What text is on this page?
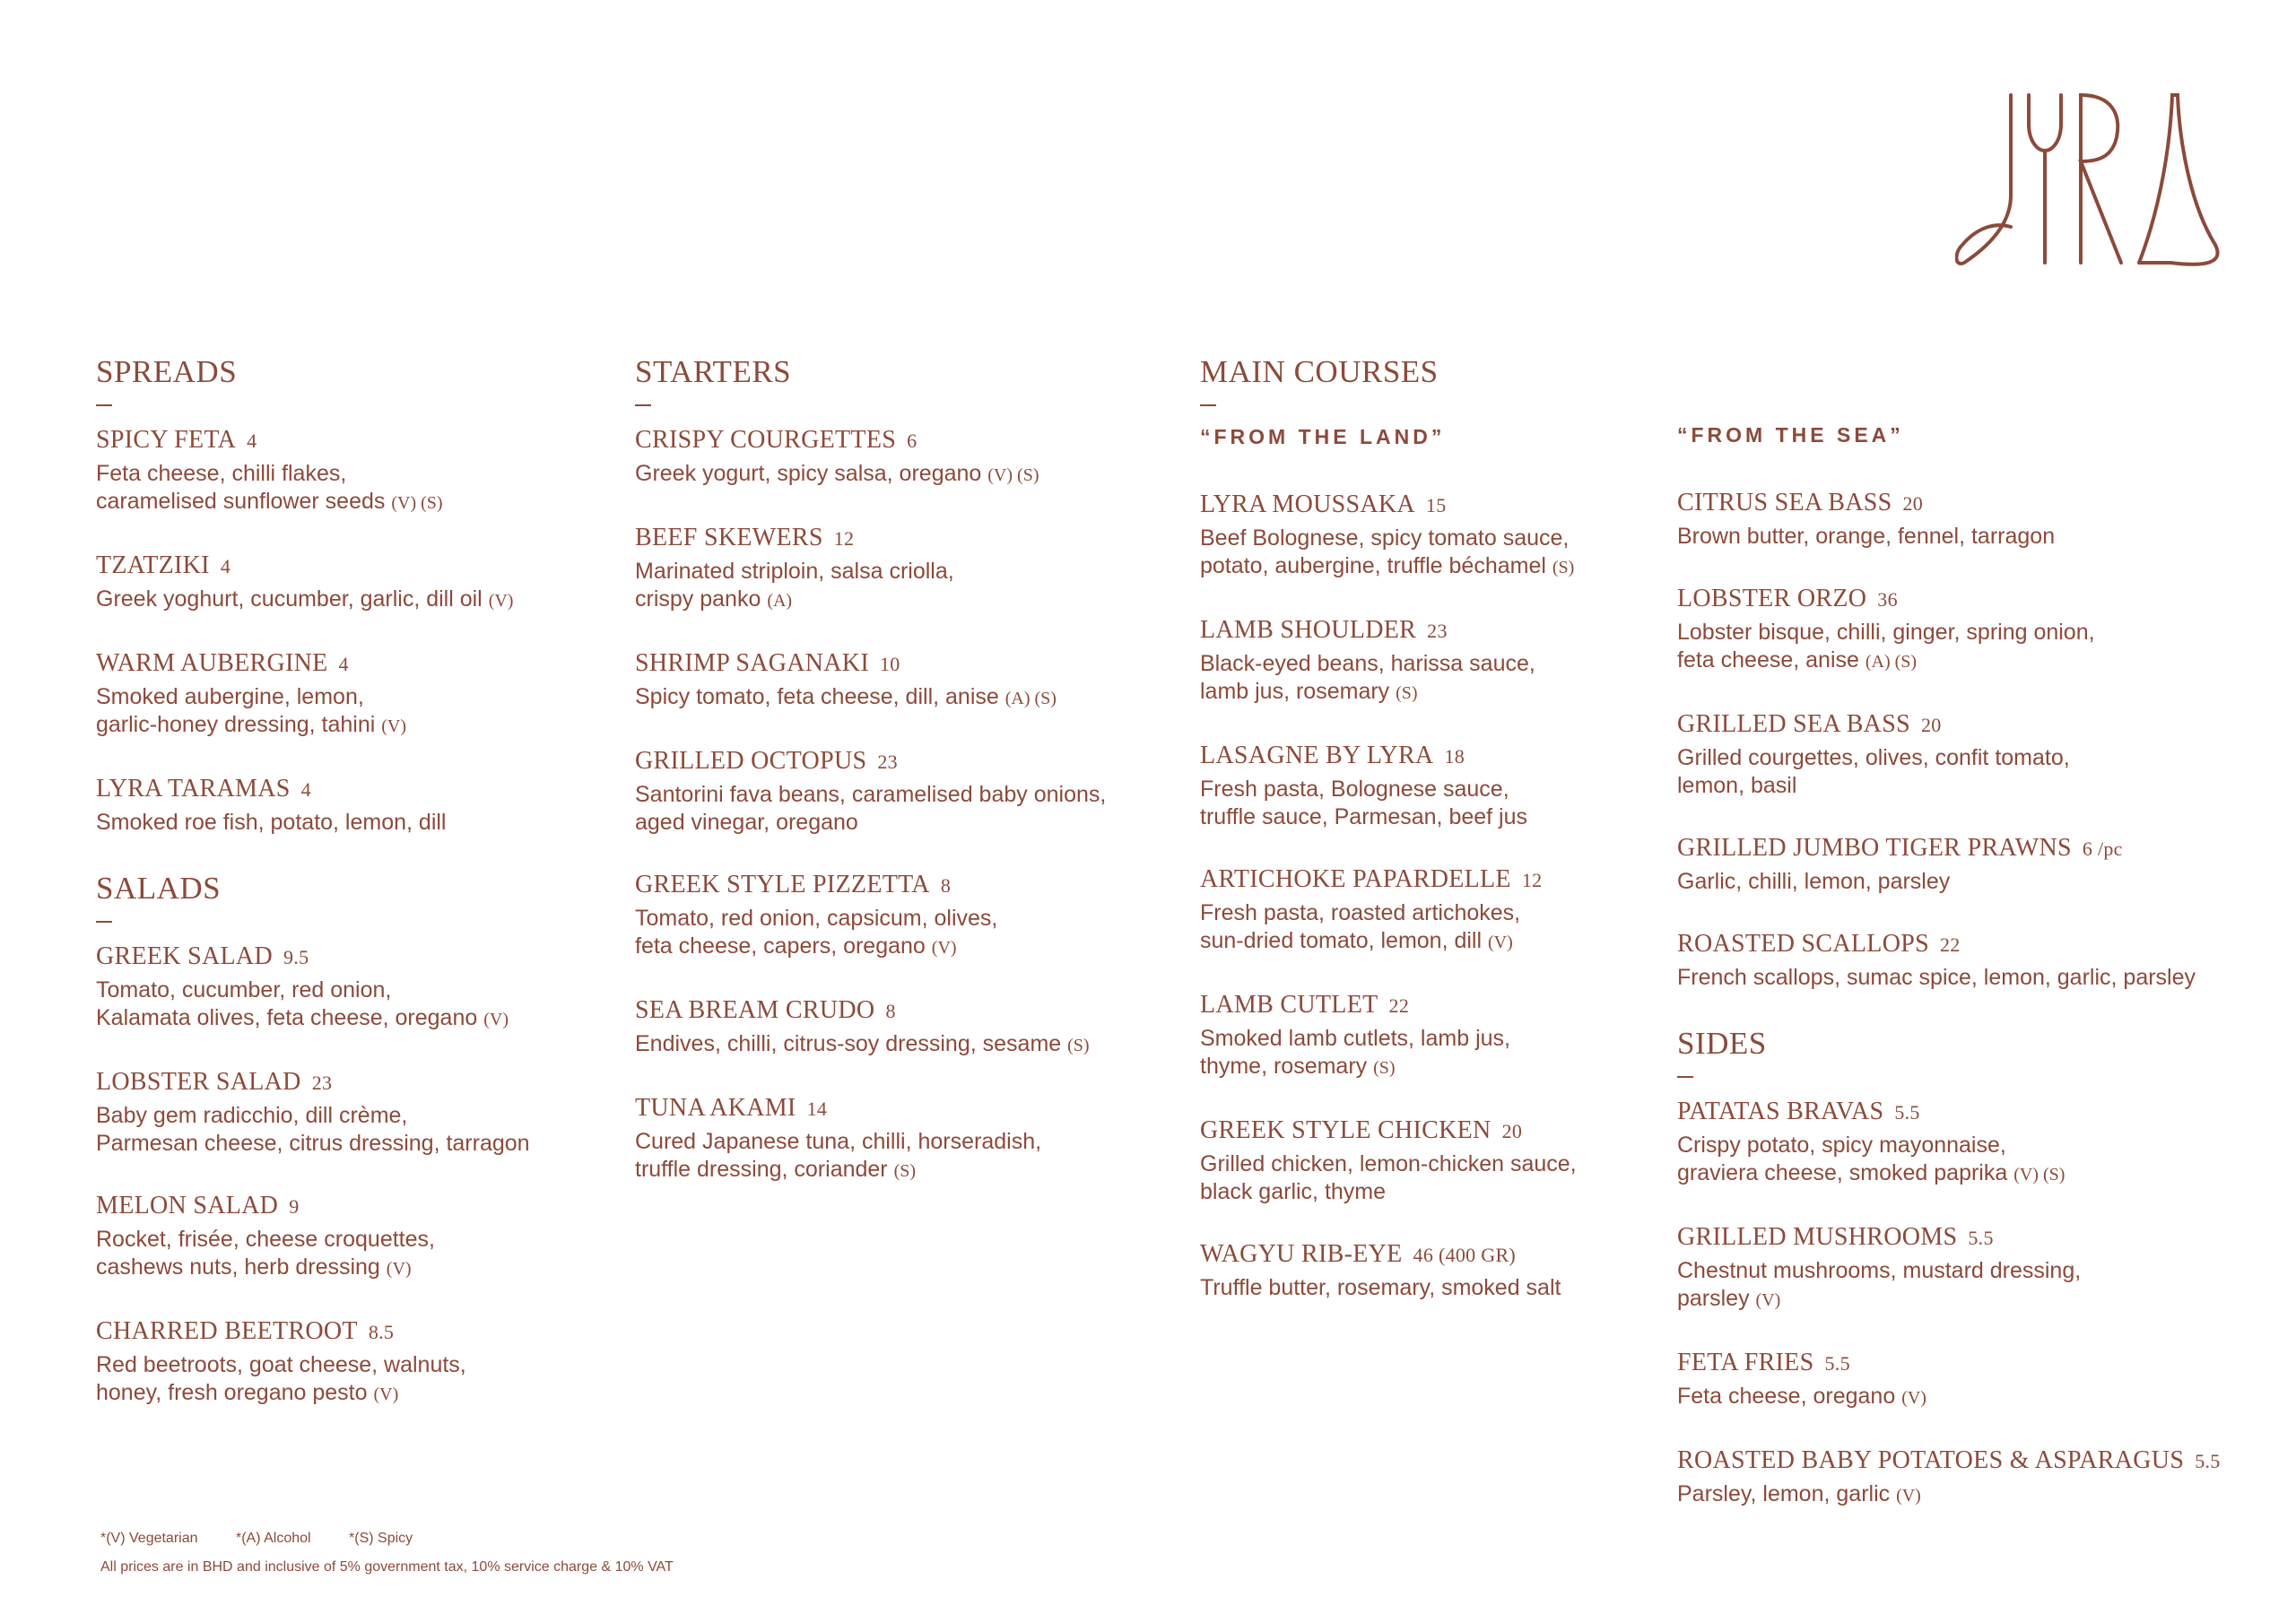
SPREADS
SPICY FETA 4
Feta cheese, chilli flakes,
caramelised sunflower seeds (V) (S)
TZATZIKI 4
Greek yoghurt, cucumber, garlic, dill oil (V)
WARM AUBERGINE 4
Smoked aubergine, lemon,
garlic-honey dressing, tahini (V)
LYRA TARAMAS 4
Smoked roe fish, potato, lemon, dill
SALADS
GREEK SALAD 9.5
Tomato, cucumber, red onion,
Kalamata olives, feta cheese, oregano (V)
LOBSTER SALAD 23
Baby gem radicchio, dill crème,
Parmesan cheese, citrus dressing, tarragon
MELON SALAD 9
Rocket, frisée, cheese croquettes,
cashews nuts, herb dressing (V)
CHARRED BEETROOT 8.5
Red beetroots, goat cheese, walnuts,
honey, fresh oregano pesto (V)
STARTERS
CRISPY COURGETTES 6
Greek yogurt, spicy salsa, oregano (V) (S)
BEEF SKEWERS 12
Marinated striploin, salsa criolla,
crispy panko (A)
SHRIMP SAGANAKI 10
Spicy tomato, feta cheese, dill, anise (A) (S)
GRILLED OCTOPUS 23
Santorini fava beans, caramelised baby onions,
aged vinegar, oregano
GREEK STYLE PIZZETTA 8
Tomato, red onion, capsicum, olives,
feta cheese, capers, oregano (V)
SEA BREAM CRUDO 8
Endives, chilli, citrus-soy dressing, sesame (S)
TUNA AKAMI 14
Cured Japanese tuna, chilli, horseradish,
truffle dressing, coriander (S)
MAIN COURSES
“FROM THE LAND”
LYRA MOUSSAKA 15
Beef Bolognese, spicy tomato sauce,
potato, aubergine, truffle béchamel (S)
LAMB SHOULDER 23
Black-eyed beans, harissa sauce,
lamb jus, rosemary (S)
LASAGNE BY LYRA 18
Fresh pasta, Bolognese sauce,
truffle sauce, Parmesan, beef jus
ARTICHOKE PAPARDELLE 12
Fresh pasta, roasted artichokes,
sun-dried tomato, lemon, dill (V)
LAMB CUTLET 22
Smoked lamb cutlets, lamb jus,
thyme, rosemary (S)
GREEK STYLE CHICKEN 20
Grilled chicken, lemon-chicken sauce,
black garlic, thyme
WAGYU RIB-EYE 46 (400 GR)
Truffle butter, rosemary, smoked salt
“FROM THE SEA”
CITRUS SEA BASS 20
Brown butter, orange, fennel, tarragon
LOBSTER ORZO 36
Lobster bisque, chilli, ginger, spring onion,
feta cheese, anise (A) (S)
GRILLED SEA BASS 20
Grilled courgettes, olives, confit tomato,
lemon, basil
GRILLED JUMBO TIGER PRAWNS 6 /pc
Garlic, chilli, lemon, parsley
ROASTED SCALLOPS 22
French scallops, sumac spice, lemon, garlic, parsley
SIDES
PATATAS BRAVAS 5.5
Crispy potato, spicy mayonnaise,
graviera cheese, smoked paprika (V) (S)
GRILLED MUSHROOMS 5.5
Chestnut mushrooms, mustard dressing,
parsley (V)
FETA FRIES 5.5
Feta cheese, oregano (V)
ROASTED BABY POTATOES & ASPARAGUS 5.5
Parsley, lemon, garlic (V)
*(V) Vegetarian	*(A) Alcohol	*(S) Spicy
All prices are in BHD and inclusive of 5% government tax, 10% service charge & 10% VAT
